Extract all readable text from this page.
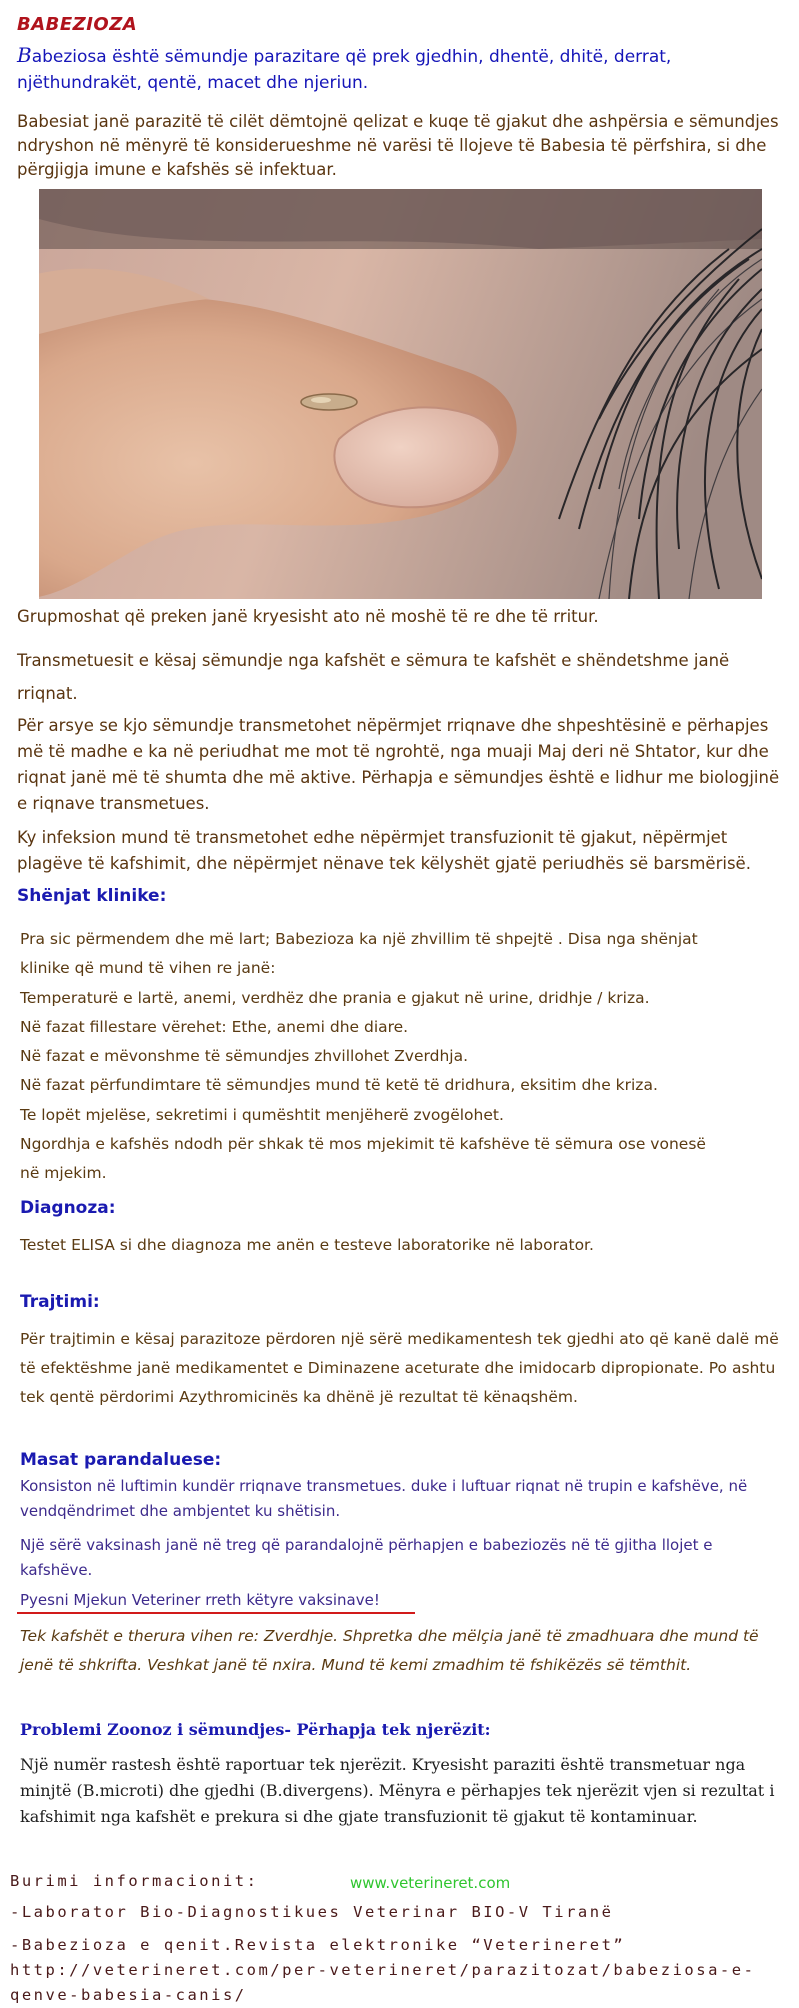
BABEZIOZA
Babeziosa është sëmundje parazitare që prek gjedhin, dhentë, dhitë, derrat, njëthundrakët, qentë, macet dhe njeriun.
Babesiat janë parazitë të cilët dëmtojnë qelizat e kuqe të gjakut dhe ashpërsia e sëmundjes ndryshon në mënyrë të konsiderueshme në varësi të llojeve të Babesia të përfshira, si dhe përgjigja imune e kafshës së infektuar.
Grupmoshat që preken janë kryesisht ato në moshë të re dhe të rritur.
Transmetuesit e kësaj sëmundje nga kafshët e sëmura te kafshët e shëndetshme janë rriqnat.
Për arsye se kjo sëmundje transmetohet nëpërmjet rriqnave dhe shpeshtësinë e përhapjes më të madhe e ka në periudhat me mot të ngrohtë, nga muaji Maj deri në Shtator, kur dhe riqnat janë më të shumta dhe më aktive. Përhapja e sëmundjes është e lidhur me biologjinë e riqnave transmetues.
Ky infeksion mund të transmetohet edhe nëpërmjet transfuzionit të gjakut, nëpërmjet plagëve të kafshimit, dhe nëpërmjet nënave tek këlyshët gjatë periudhës së barsmërisë.
Shënjat klinike:
Pra sic përmendem dhe më lart; Babezioza ka një zhvillim të shpejtë . Disa nga shënjat
klinike që mund të vihen re janë:
Temperaturë e lartë, anemi, verdhëz dhe prania e gjakut në urine, dridhje / kriza.
Në fazat fillestare vërehet: Ethe, anemi dhe diare.
Në fazat e mëvonshme të sëmundjes zhvillohet Zverdhja.
Në fazat përfundimtare të sëmundjes mund të ketë të dridhura, eksitim dhe kriza.
Te lopët mjelëse, sekretimi i qumështit menjëherë zvogëlohet.
Ngordhja e kafshës ndodh për shkak të mos mjekimit të kafshëve të sëmura ose vonesë
në mjekim.
Diagnoza:
Testet ELISA si dhe diagnoza me anën e testeve laboratorike në laborator.
Trajtimi:
Për trajtimin e kësaj parazitoze përdoren një sërë medikamentesh tek gjedhi ato që kanë dalë më të efektëshme janë medikamentet e Diminazene aceturate dhe imidocarb dipropionate. Po ashtu tek qentë përdorimi Azythromicinës ka dhënë jë rezultat të kënaqshëm.
Masat parandaluese:
Konsiston në luftimin kundër rriqnave transmetues. duke i luftuar riqnat në trupin e kafshëve, në vendqëndrimet dhe ambjentet ku shëtisin.
Një sërë vaksinash janë në treg që parandalojnë përhapjen e babeziozës në të gjitha llojet e kafshëve.
Pyesni Mjekun Veteriner rreth këtyre vaksinave!
Tek kafshët e therura vihen re: Zverdhje. Shpretka dhe mëlçia janë të zmadhuara dhe mund të jenë të shkrifta. Veshkat janë të nxira. Mund të kemi zmadhim të fshikëzës së tëmthit.
Problemi Zoonoz i sëmundjes- Përhapja tek njerëzit:
Një numër rastesh është raportuar tek njerëzit. Kryesisht paraziti është transmetuar nga minjtë (B.microti) dhe gjedhi (B.divergens). Mënyra e përhapjes tek njerëzit vjen si rezultat i kafshimit nga kafshët e prekura si dhe gjate transfuzionit të gjakut të kontaminuar.
Burimi informacionit:	www.veterineret.com
-Laborator Bio-Diagnostikues Veterinar BIO-V Tiranë
-Babezioza e qenit.Revista elektronike “Veterineret” http://veterineret.com/per-veterineret/parazitozat/babeziosa-e-qenve-babesia-canis/
